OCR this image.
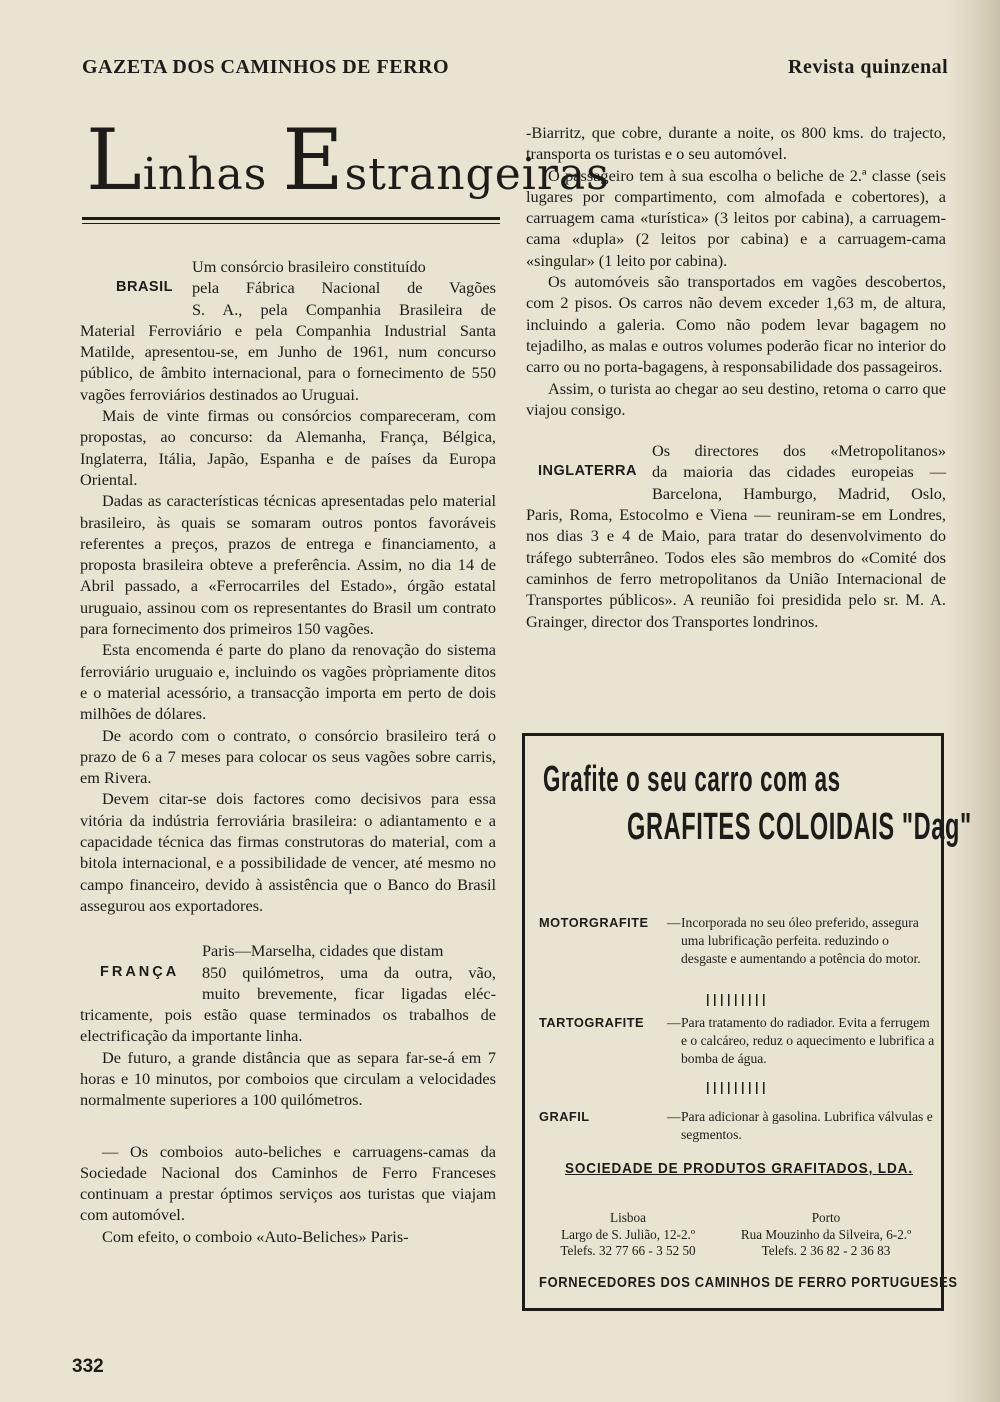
GAZETA DOS CAMINHOS DE FERRO	Revista quinzenal
Linhas Estrangeiras
BRASIL
Um consórcio brasileiro constituído
pela Fábrica Nacional de Vagões
S. A., pela Companhia Brasileira de

Material Ferroviário e pela Companhia Industrial Santa Matilde, apresentou-se, em Junho de 1961, num concurso público, de âmbito internacional, para o fornecimento de 550 vagões ferroviários destinados ao Uruguai.

Mais de vinte firmas ou consórcios compareceram, com propostas, ao concurso: da Alemanha, França, Bélgica, Inglaterra, Itália, Japão, Espanha e de países da Europa Oriental.

Dadas as características técnicas apresentadas pelo material brasileiro, às quais se somaram outros pontos favoráveis referentes a preços, prazos de entrega e financiamento, a proposta brasileira obteve a preferência. Assim, no dia 14 de Abril passado, a «Ferrocarriles del Estado», órgão estatal uruguaio, assinou com os representantes do Brasil um contrato para fornecimento dos primeiros 150 vagões.

Esta encomenda é parte do plano da renovação do sistema ferroviário uruguaio e, incluindo os vagões pròpriamente ditos e o material acessório, a transacção importa em perto de dois milhões de dólares.

De acordo com o contrato, o consórcio brasileiro terá o prazo de 6 a 7 meses para colocar os seus vagões sobre carris, em Rivera.

Devem citar-se dois factores como decisivos para essa vitória da indústria ferroviária brasileira: o adiantamento e a capacidade técnica das firmas construtoras do material, com a bitola internacional, e a possibilidade de vencer, até mesmo no campo financeiro, devido à assistência que o Banco do Brasil assegurou aos exportadores.

FRANÇA
Paris—Marselha, cidades que distam
850 quilómetros, uma da outra, vão,
muito brevemente, ficar ligadas eléc-

tricamente, pois estão quase terminados os trabalhos de electrificação da importante linha.

De futuro, a grande distância que as separa far-se-á em 7 horas e 10 minutos, por comboios que circulam a velocidades normalmente superiores a 100 quilómetros.

— Os comboios auto-beliches e carruagens-camas da Sociedade Nacional dos Caminhos de Ferro Franceses continuam a prestar óptimos serviços aos turistas que viajam com automóvel.

Com efeito, o comboio «Auto-Beliches» Paris-

-Biarritz, que cobre, durante a noite, os 800 kms. do trajecto, transporta os turistas e o seu automóvel.

O passageiro tem à sua escolha o beliche de 2.ª classe (seis lugares por compartimento, com almofada e cobertores), a carruagem cama «turística» (3 leitos por cabina), a carruagem-cama «dupla» (2 leitos por cabina) e a carruagem-cama «singular» (1 leito por cabina).

Os automóveis são transportados em vagões descobertos, com 2 pisos. Os carros não devem exceder 1,63 m, de altura, incluindo a galeria. Como não podem levar bagagem no tejadilho, as malas e outros volumes poderão ficar no interior do carro ou no porta-bagagens, à responsabilidade dos passageiros.

Assim, o turista ao chegar ao seu destino, retoma o carro que viajou consigo.

INGLATERRA
Os directores dos «Metropolitanos»
da maioria das cidades europeias —
Barcelona, Hamburgo, Madrid, Oslo,

Paris, Roma, Estocolmo e Viena — reuniram-se em Londres, nos dias 3 e 4 de Maio, para tratar do desenvolvimento do tráfego subterrâneo. Todos eles são membros do «Comité dos caminhos de ferro metropolitanos da União Internacional de Transportes públicos». A reunião foi presidida pelo sr. M. A. Grainger, director dos Transportes londrinos.

Grafite o seu carro com as
GRAFITES COLOIDAIS "Dag"
MOTORGRAFITE	— Incorporada no seu óleo preferido, assegura uma lubrificação perfeita. reduzindo o desgaste e aumentando a potência do motor.
TARTOGRAFITE	— Para tratamento do radiador. Evita a ferrugem e o calcáreo, reduz o aquecimento e lubrifica a bomba de água.
GRAFIL	— Para adicionar à gasolina. Lubrifica válvulas e segmentos.
SOCIEDADE DE PRODUTOS GRAFITADOS, LDA.
Lisboa
Largo de S. Julião, 12-2.º
Telefs. 32 77 66 - 3 52 50
Porto
Rua Mouzinho da Silveira, 6-2.º
Telefs. 2 36 82 - 2 36 83
FORNECEDORES DOS CAMINHOS DE FERRO PORTUGUESES
332
